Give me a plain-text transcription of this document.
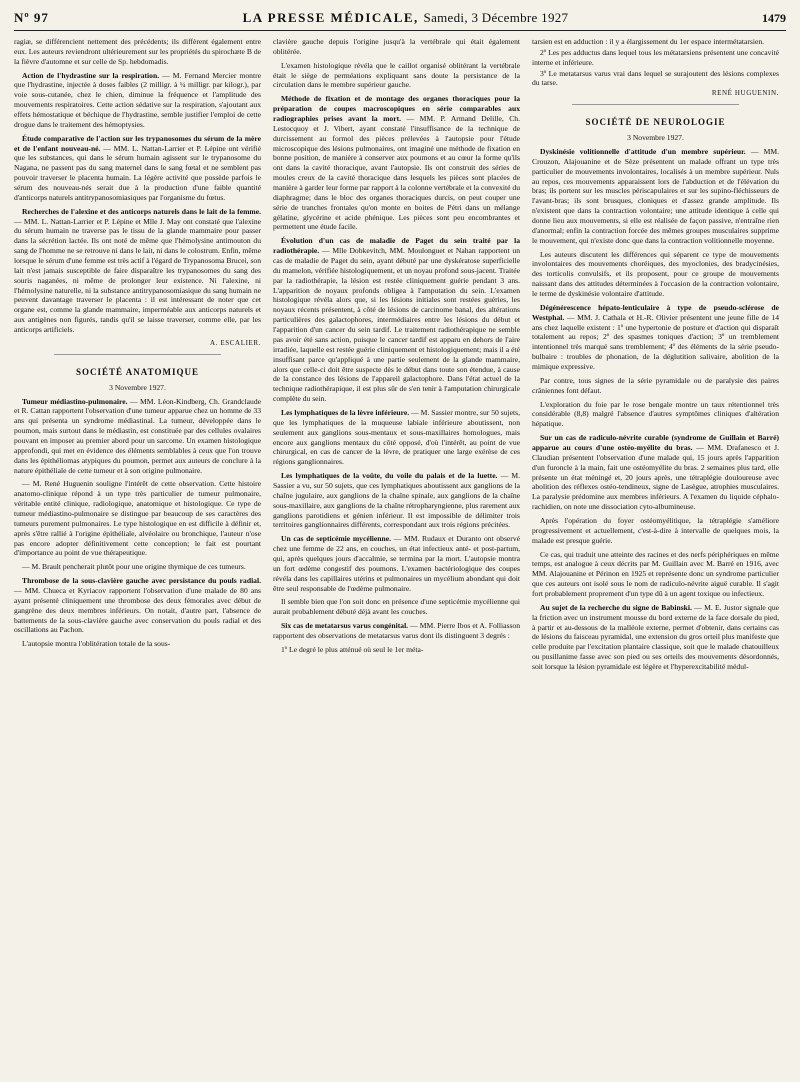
Nº 97	LA PRESSE MÉDICALE, Samedi, 3 Décembre 1927	1479

ragiæ, se différencient nettement des précédents; ils diffèrent également entre eux. Les auteurs reviendront ultérieurement sur les propriétés du spirochæte B de la fièvre d'automne et sur celle de Sp. hebdomadis.

Action de l'hydrastine sur la respiration. — M. Fernand Mercier montre que l'hydrastine, injectée à doses faibles (2 milligr. à ¼ milligr. par kilogr.), par voie sous-cutanée, chez le chien, diminue la fréquence et l'amplitude des mouvements respiratoires. Cette action sédative sur la respiration, s'ajoutant aux effets hémostatique et béchique de l'hydrastine, semble justifier l'emploi de cette drogue dans le traitement des hémoptysies.

Étude comparative de l'action sur les trypanosomes du sérum de la mère et de l'enfant nouveau-né. — MM. L. Nattan-Larrier et P. Lépine ont vérifié que les substances, qui dans le sérum humain agissent sur le trypanosome du Nagana, ne passent pas du sang maternel dans le sang fœtal et ne semblent pas pouvoir traverser le placenta humain. La légère activité que possède parfois le sérum des nouveau-nés serait due à la production d'une faible quantité d'anticorps naturels antitrypanosomiasiques par l'organisme du fœtus.

Recherches de l'alexine et des anticorps naturels dans le lait de la femme. — MM. L. Nattan-Larrier et P. Lépine et Mlle J. May ont constaté que l'alexine du sérum humain ne traverse pas le tissu de la glande mammaire pour passer dans la sécrétion lactée. Ils ont noté de même que l'hémolysine antimouton du sang de l'homme ne se retrouve ni dans le lait, ni dans le colostrum. Enfin, même lorsque le sérum d'une femme est très actif à l'égard de Trypanosoma Brucei, son lait n'est jamais susceptible de faire disparaître les trypanosomes du sang des souris naganées, ni même de prolonger leur existence. Ni l'alexine, ni l'hémolysine naturelle, ni la substance antitrypanosomiasique du sang humain ne peuvent davantage traverser le placenta : il est intéressant de noter que cet organe est, comme la glande mammaire, imperméable aux anticorps naturels et aux antigènes non figurés, tandis qu'il se laisse traverser, comme elle, par les anticorps artificiels.

A. ESCALIER.

SOCIÉTÉ ANATOMIQUE

3 Novembre 1927.

Tumeur médiastino-pulmonaire. — MM. Léon-Kindberg, Ch. Grandclaude et R. Cattan rapportent l'observation d'une tumeur apparue chez un homme de 33 ans qui présenta un syndrome médiastinal. La tumeur, développée dans le poumon, mais surtout dans le médiastin, est constituée par des cellules ovalaires pouvant en imposer au premier abord pour un sarcome. Un examen histologique approfondi, qui met en évidence des éléments semblables à ceux que l'on trouve dans les épithéliomas atypiques du poumon, permet aux auteurs de conclure à la nature épithéliale de cette tumeur et à son origine pulmonaire.

— M. René Huguenin souligne l'intérêt de cette observation. Cette histoire anatomo-clinique répond à un type très particulier de tumeur pulmonaire, véritable entité clinique, radiologique, anatomique et histologique. Ce type de tumeur médiastino-pulmonaire se distingue par beaucoup de ses caractères des tumeurs purement pulmonaires. Le type histologique en est difficile à définir et, après s'être rallié à l'origine épithéliale, alvéolaire ou bronchique, l'auteur n'ose pas encore adopter définitivement cette conception; le fait est pourtant d'importance au point de vue thérapeutique.

— M. Brault pencherait plutôt pour une origine thymique de ces tumeurs.

Thrombose de la sous-clavière gauche avec persistance du pouls radial. — MM. Chueca et Kyriacov rapportent l'observation d'une malade de 80 ans ayant présenté cliniquement une thrombose des deux fémorales avec début de gangrène des deux membres inférieurs. On notait, d'autre part, l'absence de battements de la sous-clavière gauche avec conservation du pouls radial et des oscillations au Pachon.

L'autopsie montra l'oblitération totale de la sous-

clavière gauche depuis l'origine jusqu'à la vertébrale qui était également oblitérée.

L'examen histologique révéla que le caillot organisé oblitérant la vertébrale était le siège de perméations expliquant sans doute la persistance de la circulation dans le membre supérieur gauche.

Méthode de fixation et de montage des organes thoraciques pour la préparation de coupes macroscopiques en série comparables aux radiographies prises avant la mort. — MM. P. Armand Delille, Ch. Lestocquoy et J. Vibert, ayant constaté l'insuffisance de la technique de durcissement au formol des pièces prélevées à l'autopsie pour l'étude microscopique des lésions pulmonaires, ont imaginé une méthode de fixation en bonne position, de manière à conserver aux poumons et au cœur la forme qu'ils ont dans la cavité thoracique, avant l'autopsie. Ils ont construit des séries de moules creux de la cavité thoracique dans lesquels les pièces sont placées de manière à garder leur forme par rapport à la colonne vertébrale et la convexité du diaphragme; dans le bloc des organes thoraciques durcis, on peut couper une série de tranches frontales qu'on monte en boites de Pétri dans un mélange gélatine, glycérine et acide phénique. Les pièces sont peu encombrantes et permettent une étude facile.

Évolution d'un cas de maladie de Paget du sein traité par la radiothérapie. — Mlle Dobkevitch, MM. Moulonguet et Nahan rapportent un cas de maladie de Paget du sein, ayant débuté par une dyskératose superficielle du mamelon, vérifiée histologiquement, et un noyau profond sous-jacent. Traitée par la radiothérapie, la lésion est restée cliniquement guérie pendant 3 ans. L'apparition de noyaux profonds obligea à l'amputation du sein. L'examen histologique révéla alors que, si les lésions initiales sont restées guéries, les noyaux récents présentent, à côté de lésions de carcinome banal, des altérations particulières des galactophores, intermédiaires entre les lésions du début et l'apparition d'un cancer du sein tardif. Le traitement radiothérapique ne semble pas avoir été sans action, puisque le cancer tardif est apparu en dehors de l'aire irradiée, laquelle est restée guérie cliniquement et histologiquement; mais il a été insuffisant parce qu'appliqué à une partie seulement de la glande mammaire, alors que celle-ci doit être suspecte dès le début dans toute son étendue, à cause de la constance des lésions de l'appareil galactophore. Dans l'état actuel de la technique radiothérapique, il est plus sûr de s'en tenir à l'amputation chirurgicale complète du sein.

Les lymphatiques de la lèvre inférieure. — M. Sassier montre, sur 50 sujets, que les lymphatiques de la muqueuse labiale inférieure aboutissent, non seulement aux ganglions sous-mentaux et sous-maxillaires homologues, mais encore aux ganglions mentaux du côté opposé, d'où l'intérêt, au point de vue chirurgical, en cas de cancer de la lèvre, de pratiquer une large exérèse de ces régions ganglionnaires.

Les lymphatiques de la voûte, du voile du palais et de la luette. — M. Sassier a vu, sur 50 sujets, que ces lymphatiques aboutissent aux ganglions de la chaîne jugulaire, aux ganglions de la chaîne spinale, aux ganglions de la chaîne sous-maxillaire, aux ganglions de la chaîne rétropharyngienne, plus rarement aux ganglions parotidiens et génien inférieur. Il est impossible de délimiter trois territoires ganglionnaires différents, correspondant aux trois régions précitées.

Un cas de septicémie mycélienne. — MM. Rudaux et Duranto ont observé chez une femme de 22 ans, en couches, un état infectieux anté- et post-partum, qui, après quelques jours d'accalmie, se termina par la mort. L'autopsie montra un fort œdème congestif des poumons. L'examen bactériologique des coupes révéla dans les capillaires utérins et pulmonaires un mycélium abondant qui doit être seul responsable de l'œdème pulmonaire.

Il semble bien que l'on soit donc en présence d'une septicémie mycélienne qui aurait probablement débuté déjà avant les couches.

Six cas de metatarsus varus congénital. — MM. Pierre Ibos et A. Folliasson rapportent des observations de metatarsus varus dont ils distinguent 3 degrés :

1º Le degré le plus atténué où seul le 1er méta-

tarsien est en adduction : il y a élargissement du 1er espace intermétatarsien.

2º Les pes adductus dans lequel tous les métatarsiens présentent une concavité interne et inférieure.

3º Le metatarsus varus vrai dans lequel se surajoutent des lésions complexes du tarse.

RENÉ HUGUENIN.

SOCIÉTÉ DE NEUROLOGIE

3 Novembre 1927.

Dyskinésie volitionnelle d'attitude d'un membre supérieur. — MM. Crouzon, Alajouanine et de Sèze présentent un malade offrant un type très particulier de mouvements involontaires, localisés à un membre supérieur. Nuls au repos, ces mouvements apparaissent lors de l'abduction et de l'élévation du bras; ils portent sur les muscles périscapulaires et sur les supino-fléchisseurs de l'avant-bras; ils sont brusques, cloniques et d'assez grande amplitude. Ils n'existent que dans la contraction volontaire; une attitude identique à celle qui donne lieu aux mouvements, si elle est réalisée de façon passive, n'entraîne rien d'anormal; enfin la contraction forcée des mêmes groupes musculaires supprime le mouvement, qui n'existe donc que dans la contraction volitionnelle moyenne.

Les auteurs discutent les différences qui séparent ce type de mouvements involontaires des mouvements choréiques, des myoclonies, des bradycinésies, des torticolis convulsifs, et ils proposent, pour ce groupe de mouvements naissant dans des attitudes déterminées à l'occasion de la contraction volontaire, le terme de dyskinésie volontaire d'attitude.

Dégénérescence hépato-lenticulaire à type de pseudo-sclérose de Westphal. — MM. J. Cathala et H.-R. Olivier présentent une jeune fille de 14 ans chez laquelle existent : 1º une hypertonie de posture et d'action qui disparaît totalement au repos; 2º des spasmes toniques d'action; 3º un tremblement intentionnel très marqué sans tremblement; 4º des éléments de la série pseudo-bulbaire : troubles de phonation, de la déglutition salivaire, abolition de la mimique expressive.

Par contre, tous signes de la série pyramidale ou de paralysie des paires crâniennes font défaut.

L'exploration du foie par le rose bengale montre un taux rétentionnel très considérable (8,8) malgré l'absence d'autres symptômes cliniques d'altération hépatique.

Sur un cas de radiculo-névrite curable (syndrome de Guillain et Barré) apparue au cours d'une ostéo-myélite du bras. — MM. Drafanesco et J. Claudian présentent l'observation d'une malade qui, 15 jours après l'apparition d'un furoncle à la main, fait une ostéomyélite du bras. 2 semaines plus tard, elle présente un état méningé et, 20 jours après, une tétraplégie douloureuse avec abolition des réflexes ostéo-tendineux, signe de Lasègue, atrophies musculaires. La paralysie prédomine aux membres inférieurs. A l'examen du liquide céphalo-rachidien, on note une dissociation cyto-albumineuse.

Après l'opération du foyer ostéomyélitique, la tétraplégie s'améliore progressivement et actuellement, c'est-à-dire à intervalle de quelques mois, la malade est presque guérie.

Ce cas, qui traduit une atteinte des racines et des nerfs périphériques en même temps, est analogue à ceux décrits par M. Guillain avec M. Barré en 1916, avec MM. Alajouanine et Périnon en 1925 et représente donc un syndrome particulier que ces auteurs ont isolé sous le nom de radiculo-névrite aiguë curable. Il s'agit fort probablement proprement d'un type dû à un agent toxique ou infectieux.

Au sujet de la recherche du signe de Babinski. — M. E. Justor signale que la friction avec un instrument mousse du bord externe de la face dorsale du pied, à partir et au-dessous de la malléole externe, permet d'obtenir, dans certains cas de lésions du faisceau pyramidal, une extension du gros orteil plus manifeste que celle produite par l'excitation plantaire classique, soit que le malade chatouilleux ou pusillanime fasse avec son pied ou ses orteils des mouvements désordonnés, soit lorsque la lésion pyramidale est légère et l'hyperexcitabilité médul-
